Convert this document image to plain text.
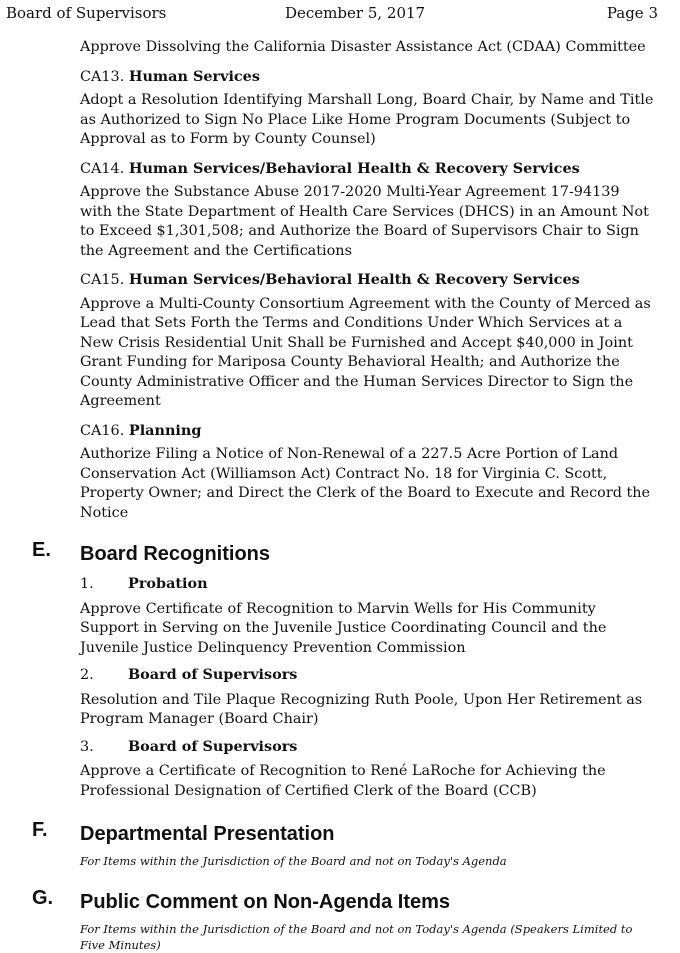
Board of Supervisors	December 5, 2017	Page 3

Approve Dissolving the California Disaster Assistance Act (CDAA) Committee

CA13. Human Services

Adopt a Resolution Identifying Marshall Long, Board Chair, by Name and Title as Authorized to Sign No Place Like Home Program Documents (Subject to Approval as to Form by County Counsel)

CA14. Human Services/Behavioral Health & Recovery Services

Approve the Substance Abuse 2017-2020 Multi-Year Agreement 17-94139 with the State Department of Health Care Services (DHCS) in an Amount Not to Exceed $1,301,508; and Authorize the Board of Supervisors Chair to Sign the Agreement and the Certifications

CA15. Human Services/Behavioral Health & Recovery Services

Approve a Multi-County Consortium Agreement with the County of Merced as Lead that Sets Forth the Terms and Conditions Under Which Services at a New Crisis Residential Unit Shall be Furnished and Accept $40,000 in Joint Grant Funding for Mariposa County Behavioral Health; and Authorize the County Administrative Officer and the Human Services Director to Sign the Agreement

CA16. Planning

Authorize Filing a Notice of Non-Renewal of a 227.5 Acre Portion of Land Conservation Act (Williamson Act) Contract No. 18 for Virginia C. Scott, Property Owner; and Direct the Clerk of the Board to Execute and Record the Notice

E. Board Recognitions

1. Probation

Approve Certificate of Recognition to Marvin Wells for His Community Support in Serving on the Juvenile Justice Coordinating Council and the Juvenile Justice Delinquency Prevention Commission

2. Board of Supervisors

Resolution and Tile Plaque Recognizing Ruth Poole, Upon Her Retirement as Program Manager (Board Chair)

3. Board of Supervisors

Approve a Certificate of Recognition to René LaRoche for Achieving the Professional Designation of Certified Clerk of the Board (CCB)

F. Departmental Presentation

For Items within the Jurisdiction of the Board and not on Today's Agenda

G. Public Comment on Non-Agenda Items

For Items within the Jurisdiction of the Board and not on Today's Agenda (Speakers Limited to Five Minutes)
